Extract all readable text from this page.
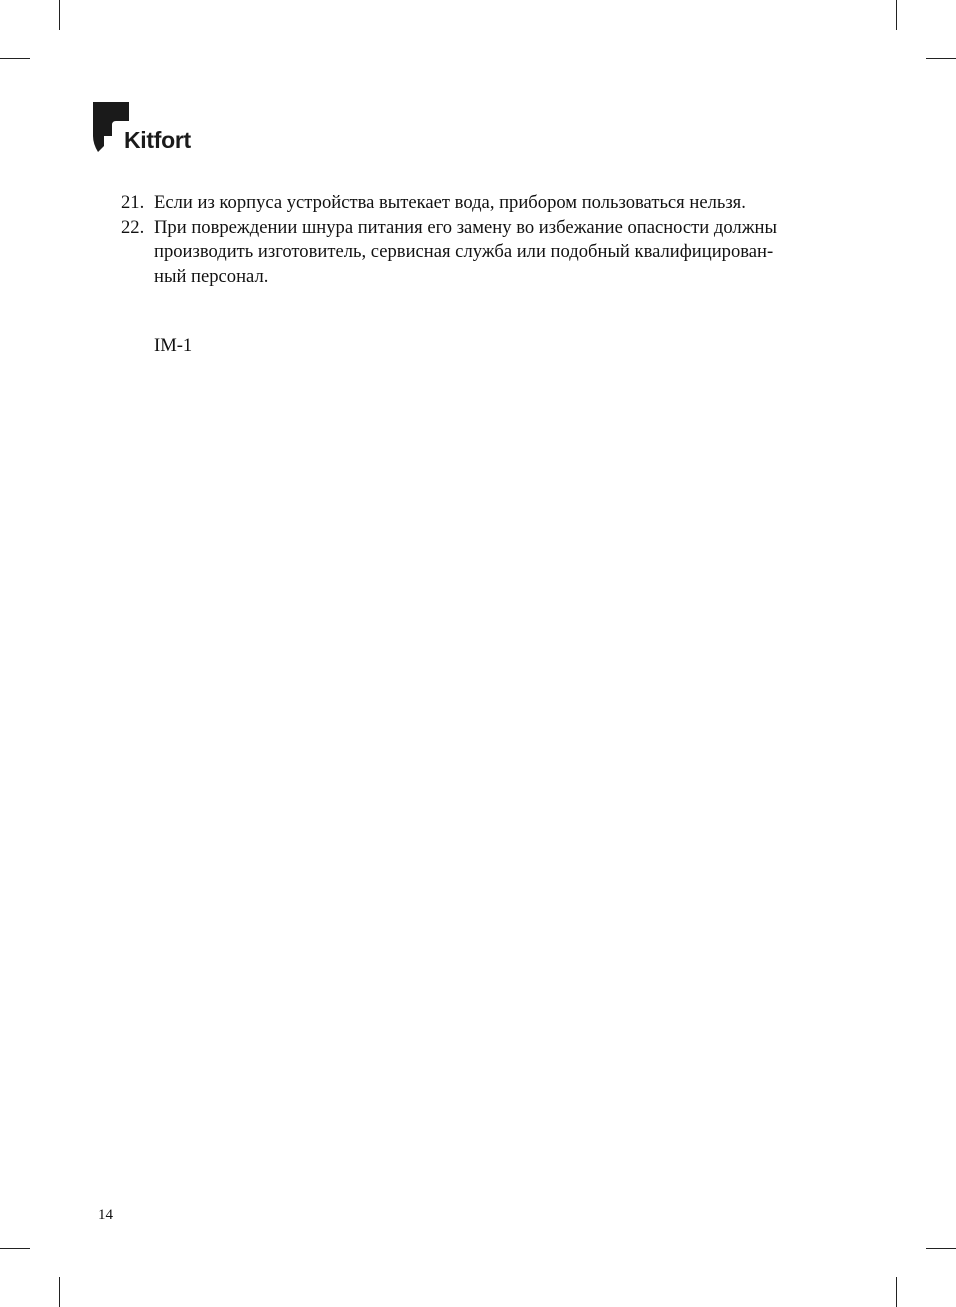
Kitfort
21. Если из корпуса устройства вытекает вода, прибором пользоваться нельзя.
22. При повреждении шнура питания его замену во избежание опасности должны
производить изготовитель, сервисная служба или подобный квалифицирован-
ный персонал.
IM-1
14
